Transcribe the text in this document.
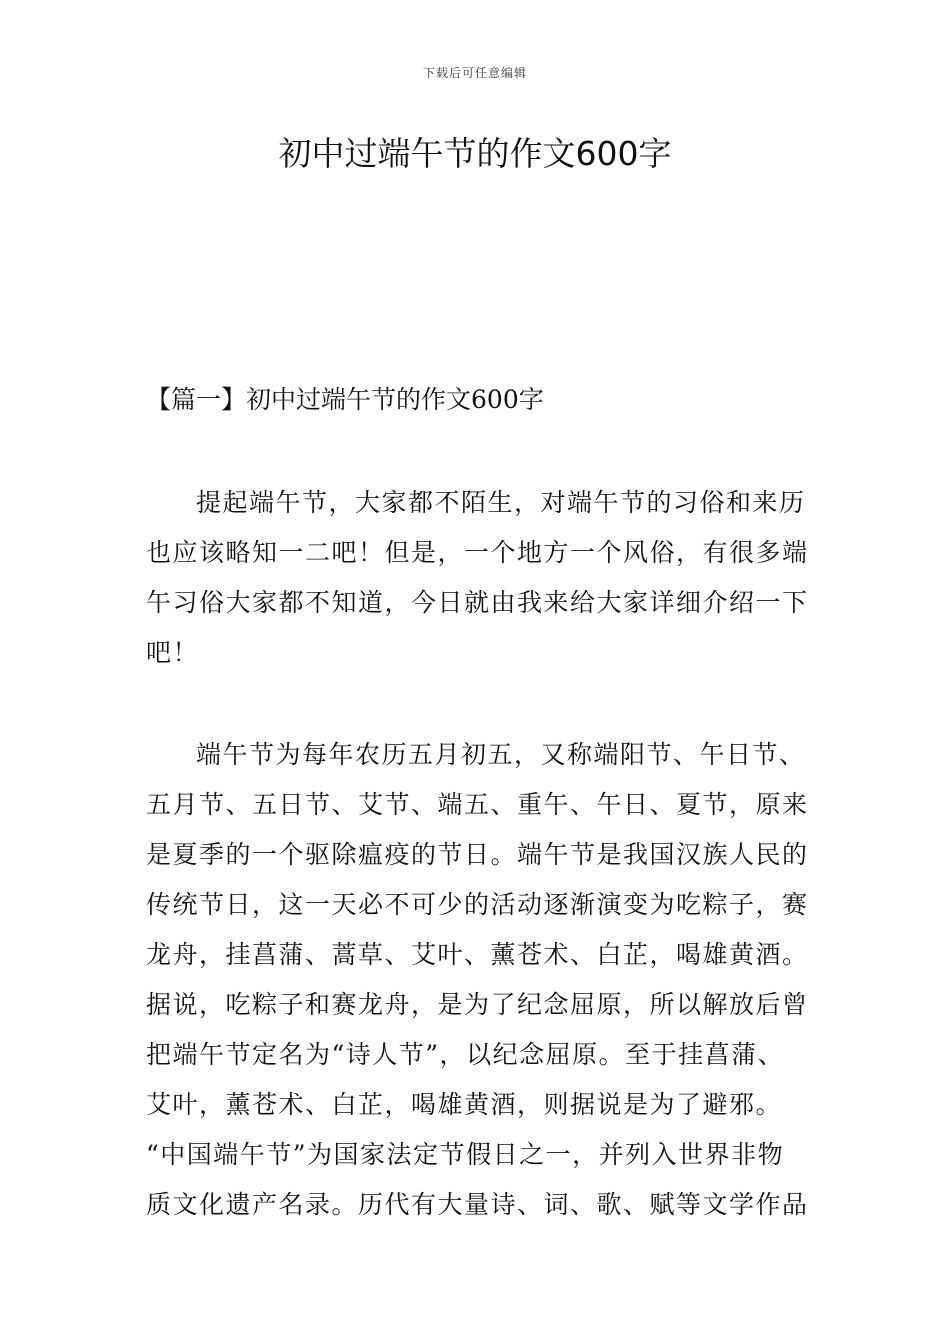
下载后可任意编辑
初中过端午节的作文600字
【篇一】初中过端午节的作文600字
提起端午节，大家都不陌生，对端午节的习俗和来历
也应该略知一二吧！但是，一个地方一个风俗，有很多端
午习俗大家都不知道，今日就由我来给大家详细介绍一下
吧！
端午节为每年农历五月初五，又称端阳节、午日节、
五月节、五日节、艾节、端五、重午、午日、夏节，原来
是夏季的一个驱除瘟疫的节日。端午节是我国汉族人民的
传统节日，这一天必不可少的活动逐渐演变为吃粽子，赛
龙舟，挂菖蒲、蒿草、艾叶、薰苍术、白芷，喝雄黄酒。
据说，吃粽子和赛龙舟，是为了纪念屈原，所以解放后曾
把端午节定名为“诗人节”，以纪念屈原。至于挂菖蒲、
艾叶，薰苍术、白芷，喝雄黄酒，则据说是为了避邪。
“中国端午节”为国家法定节假日之一，并列入世界非物
质文化遗产名录。历代有大量诗、词、歌、赋等文学作品
